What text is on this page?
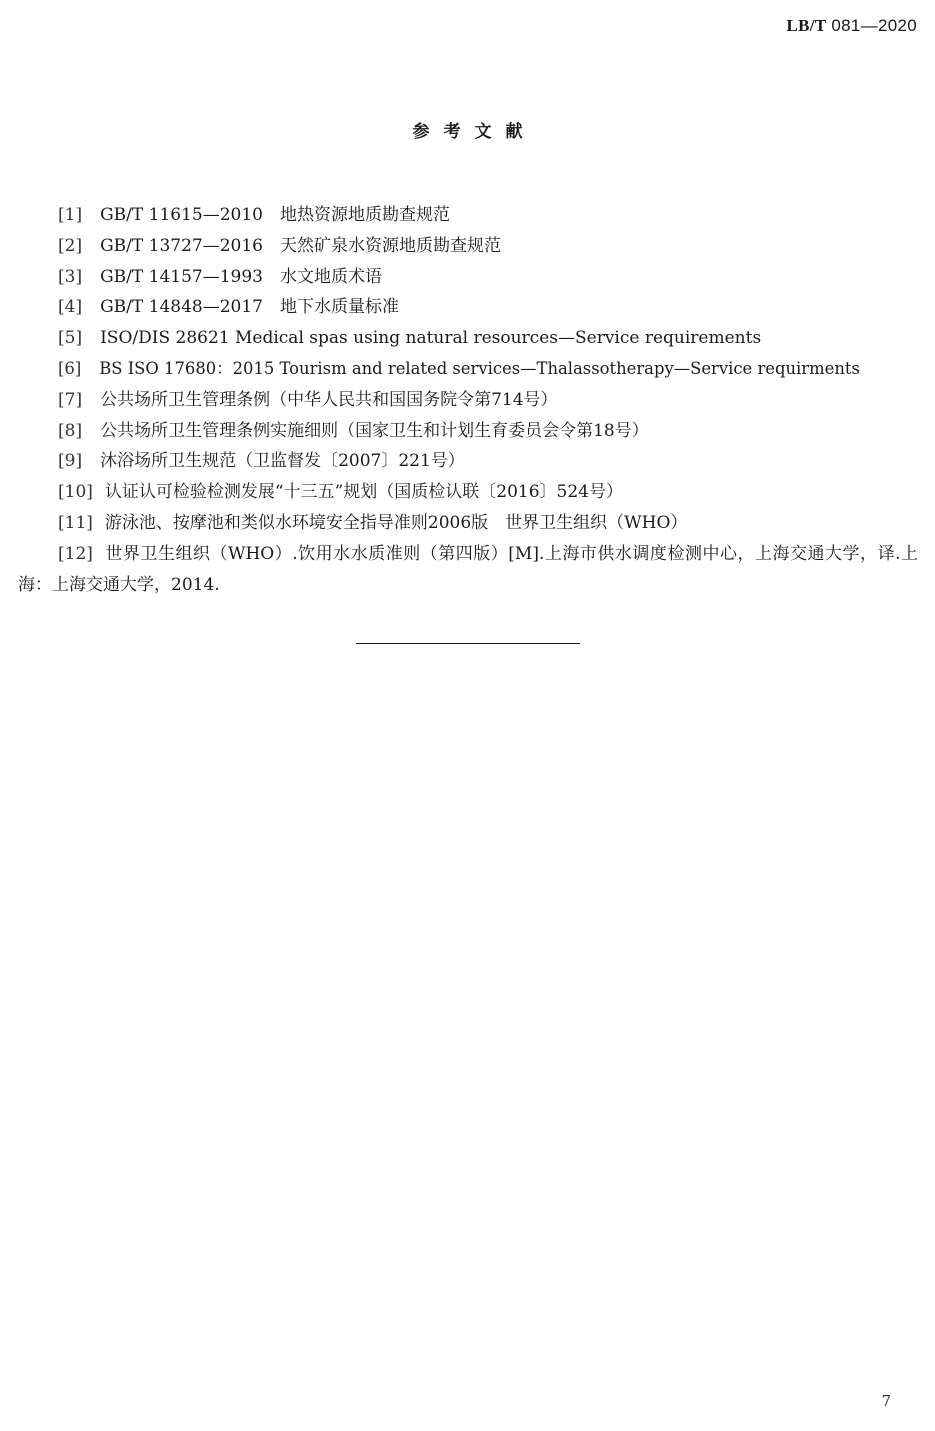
LB/T 081—2020
参考文献
[1] GB/T 11615—2010　地热资源地质勘查规范
[2] GB/T 13727—2016　天然矿泉水资源地质勘查规范
[3] GB/T 14157—1993　水文地质术语
[4] GB/T 14848—2017　地下水质量标准
[5] ISO/DIS 28621 Medical spas using natural resources—Service requirements
[6] BS ISO 17680：2015 Tourism and related services—Thalassotherapy—Service requirments
[7] 公共场所卫生管理条例（中华人民共和国国务院令第714号）
[8] 公共场所卫生管理条例实施细则（国家卫生和计划生育委员会令第18号）
[9] 沐浴场所卫生规范（卫监督发〔2007〕221号）
[10] 认证认可检验检测发展“十三五”规划（国质检认联〔2016〕524号）
[11] 游泳池、按摩池和类似水环境安全指导准则2006版　世界卫生组织（WHO）
[12] 世界卫生组织（WHO）.饮用水水质准则（第四版）[M].上海市供水调度检测中心，上海交通大学，译.上海：上海交通大学，2014.
7
